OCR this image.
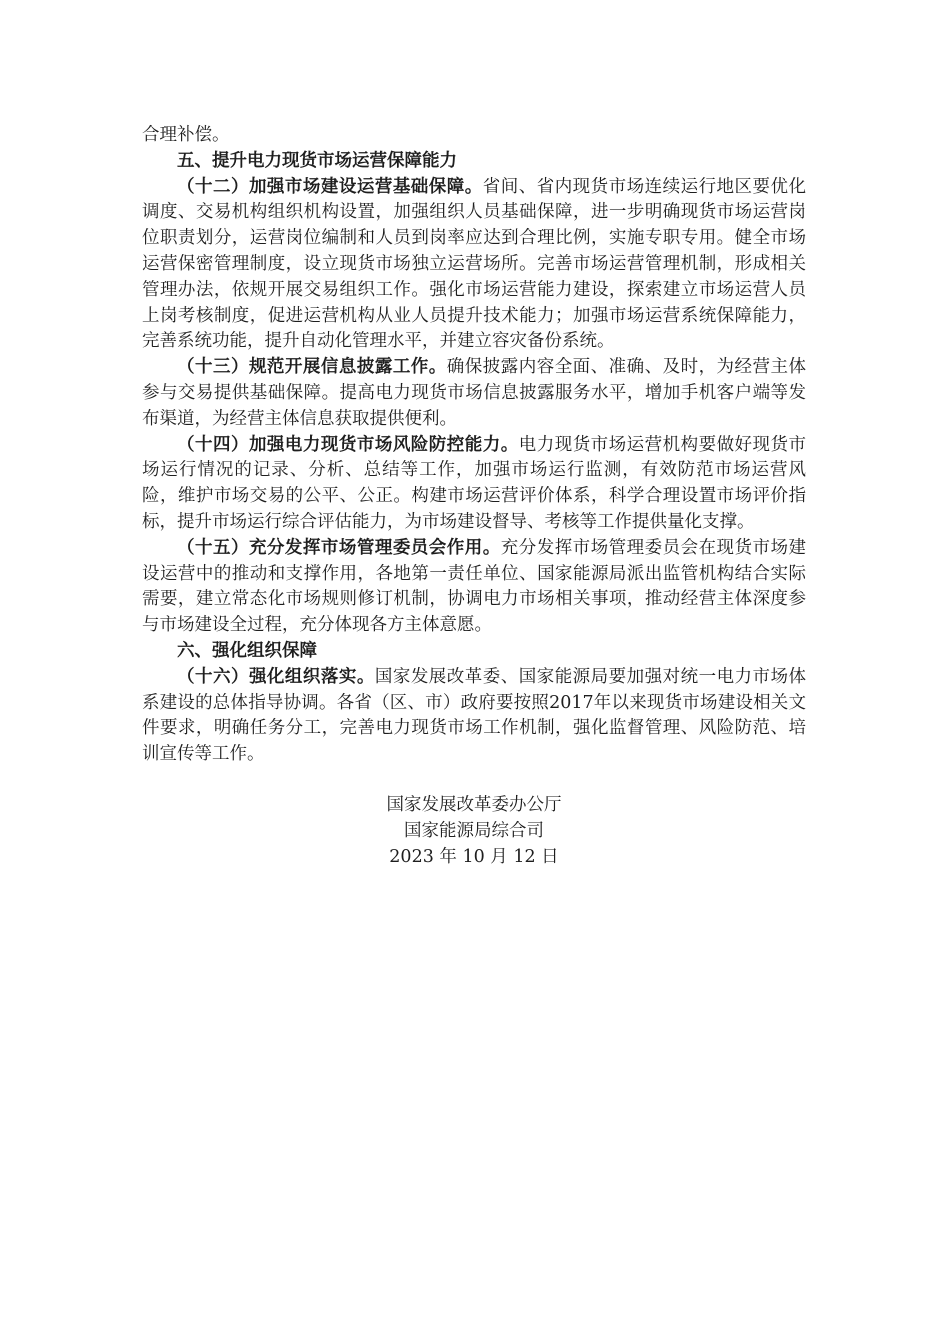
合理补偿。

五、提升电力现货市场运营保障能力

（十二）加强市场建设运营基础保障。省间、省内现货市场连续运行地区要优化调度、交易机构组织机构设置，加强组织人员基础保障，进一步明确现货市场运营岗位职责划分，运营岗位编制和人员到岗率应达到合理比例，实施专职专用。健全市场运营保密管理制度，设立现货市场独立运营场所。完善市场运营管理机制，形成相关管理办法，依规开展交易组织工作。强化市场运营能力建设，探索建立市场运营人员上岗考核制度，促进运营机构从业人员提升技术能力；加强市场运营系统保障能力，完善系统功能，提升自动化管理水平，并建立容灾备份系统。

（十三）规范开展信息披露工作。确保披露内容全面、准确、及时，为经营主体参与交易提供基础保障。提高电力现货市场信息披露服务水平，增加手机客户端等发布渠道，为经营主体信息获取提供便利。

（十四）加强电力现货市场风险防控能力。电力现货市场运营机构要做好现货市场运行情况的记录、分析、总结等工作，加强市场运行监测，有效防范市场运营风险，维护市场交易的公平、公正。构建市场运营评价体系，科学合理设置市场评价指标，提升市场运行综合评估能力，为市场建设督导、考核等工作提供量化支撑。

（十五）充分发挥市场管理委员会作用。充分发挥市场管理委员会在现货市场建设运营中的推动和支撑作用，各地第一责任单位、国家能源局派出监管机构结合实际需要，建立常态化市场规则修订机制，协调电力市场相关事项，推动经营主体深度参与市场建设全过程，充分体现各方主体意愿。

六、强化组织保障

（十六）强化组织落实。国家发展改革委、国家能源局要加强对统一电力市场体系建设的总体指导协调。各省（区、市）政府要按照2017年以来现货市场建设相关文件要求，明确任务分工，完善电力现货市场工作机制，强化监督管理、风险防范、培训宣传等工作。

国家发展改革委办公厅

国家能源局综合司

2023 年 10 月 12 日
